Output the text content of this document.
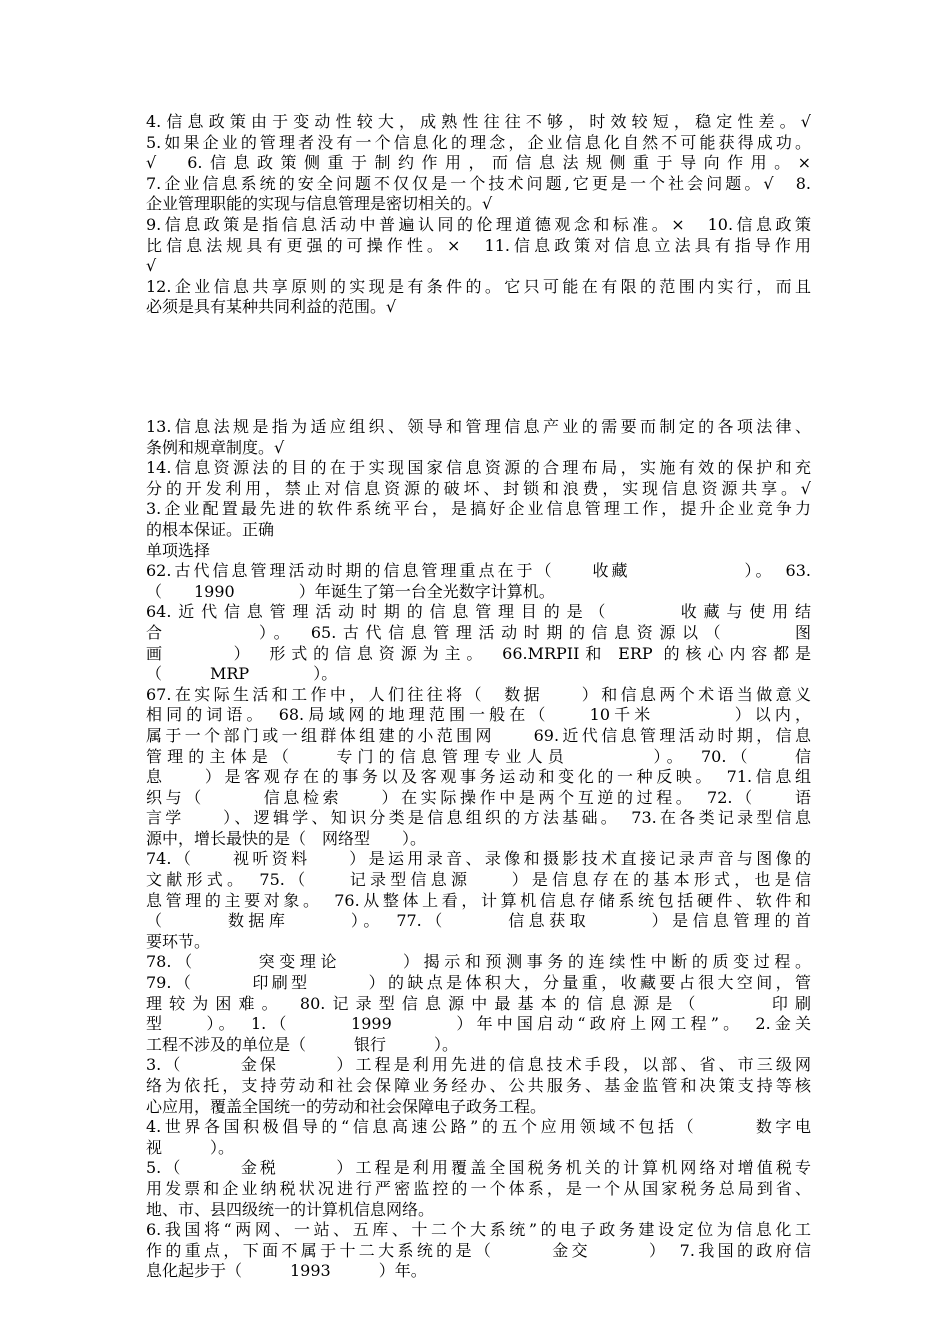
4.信息政策由于变动性较大，成熟性往往不够，时效较短，稳定性差。√
5.如果企业的管理者没有一个信息化的理念，企业信息化自然不可能获得成功。
√　6.信息政策侧重于制约作用，而信息法规侧重于导向作用。×
7.企业信息系统的安全问题不仅仅是一个技术问题,它更是一个社会问题。√　8.
企业管理职能的实现与信息管理是密切相关的。√
9.信息政策是指信息活动中普遍认同的伦理道德观念和标准。×　10.信息政策
比信息法规具有更强的可操作性。×　11.信息政策对信息立法具有指导作用
√
12.企业信息共享原则的实现是有条件的。它只可能在有限的范围内实行，而且
必须是具有某种共同利益的范围。√
13.信息法规是指为适应组织、领导和管理信息产业的需要而制定的各项法律、
条例和规章制度。√
14.信息资源法的目的在于实现国家信息资源的合理布局，实施有效的保护和充
分的开发利用，禁止对信息资源的破坏、封锁和浪费，实现信息资源共享。√
3.企业配置最先进的软件系统平台，是搞好企业信息管理工作，提升企业竞争力
的根本保证。正确
单项选择
62.古代信息管理活动时期的信息管理重点在于（　　收藏　　　　　　）。　63.
（　　1990　　　　）年诞生了第一台全光数字计算机。
64.近代信息管理活动时期的信息管理目的是（　　　收藏与使用结
合　　　　）。　65.古代信息管理活动时期的信息资源以（　　　图
画　　　）　形式的信息资源为主。　66.MRPII和 ERP 的核心内容都是
（　　　MRP　　　　）。
67.在实际生活和工作中，人们往往将（　数据　　）和信息两个术语当做意义
相同的词语。　68.局域网的地理范围一般在（　　10千米　　　　）以内，
属于一个部门或一组群体组建的小范围网　　69.近代信息管理活动时期，信息
管理的主体是（　　专门的信息管理专业人员　　　　）。　70.（　　信
息　　）是客观存在的事务以及客观事务运动和变化的一种反映。　71.信息组
织与（　　　信息检索　　）在实际操作中是两个互逆的过程。　72.（　　语
言学　　）、逻辑学、知识分类是信息组织的方法基础。　73.在各类记录型信息
源中，增长最快的是（　网络型　　）。
74.（　　视听资料　　）是运用录音、录像和摄影技术直接记录声音与图像的
文献形式。　75.（　　记录型信息源　　）是信息存在的基本形式，也是信
息管理的主要对象。　76.从整体上看，计算机信息存储系统包括硬件、软件和
（　　　数据库　　　）。　77.（　　　信息获取　　　）是信息管理的首
要环节。
78.（　　　突变理论　　　）揭示和预测事务的连续性中断的质变过程。
79.（　　　印刷型　　　）的缺点是体积大，分量重，收藏要占很大空间，管
理较为困难。　80.记录型信息源中最基本的信息源是（　　　印刷
型　　）。　1.（　　　1999　　　）年中国启动“政府上网工程”。　2.金关
工程不涉及的单位是（　　　银行　　　）。
3.（　　　金保　　　）工程是利用先进的信息技术手段，以部、省、市三级网
络为依托，支持劳动和社会保障业务经办、公共服务、基金监管和决策支持等核
心应用，覆盖全国统一的劳动和社会保障电子政务工程。
4.世界各国积极倡导的“信息高速公路”的五个应用领域不包括（　　　数字电
视　　　）。
5.（　　　金税　　　）工程是利用覆盖全国税务机关的计算机网络对增值税专
用发票和企业纳税状况进行严密监控的一个体系，是一个从国家税务总局到省、
地、市、县四级统一的计算机信息网络。
6.我国将“两网、一站、五库、十二个大系统”的电子政务建设定位为信息化工
作的重点，下面不属于十二大系统的是（　　　金交　　　）　7.我国的政府信
息化起步于（　　　1993　　　）年。
